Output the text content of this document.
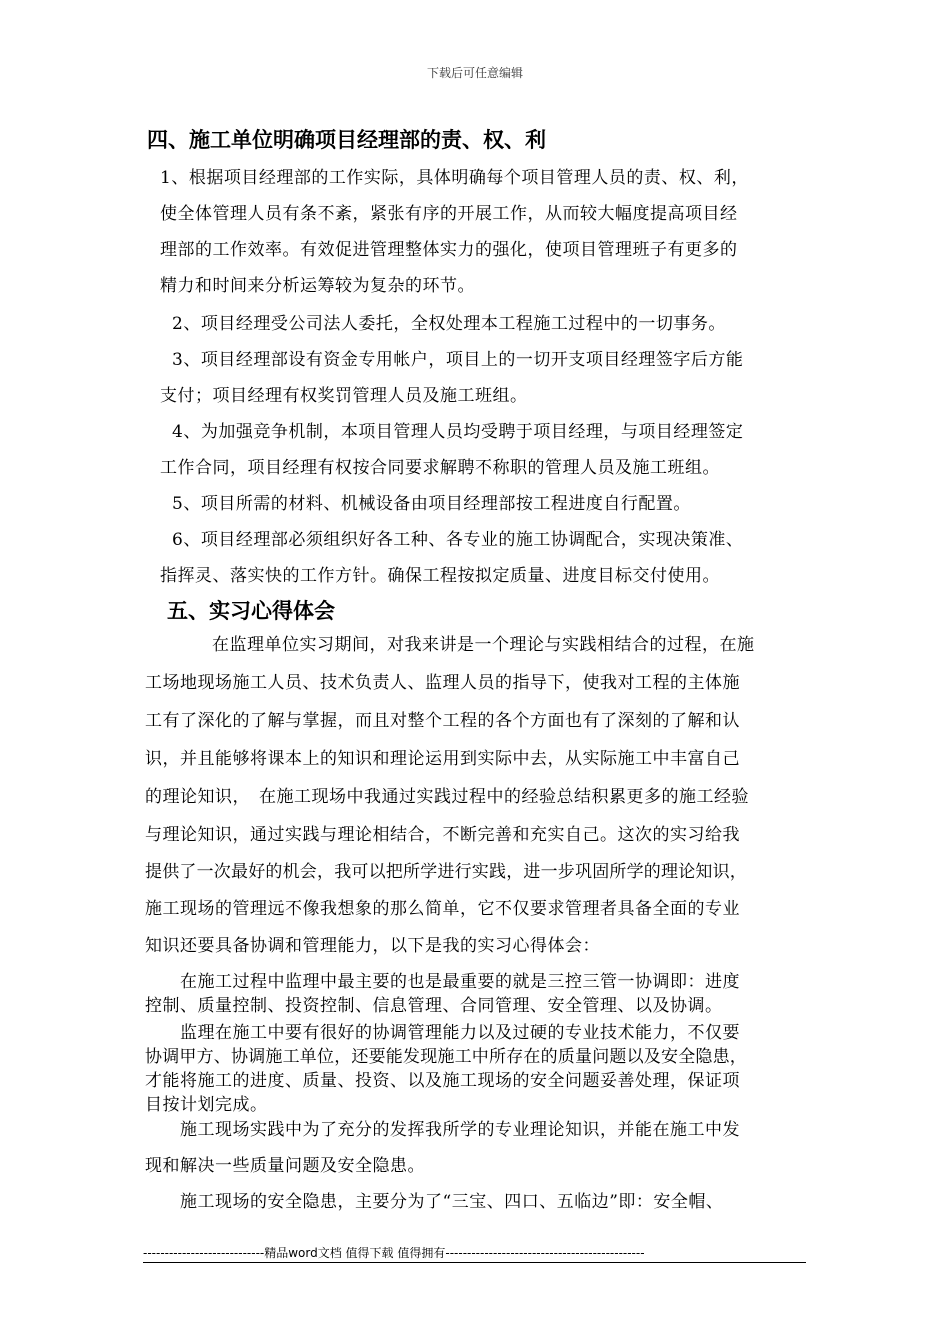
下载后可任意编辑
四、施工单位明确项目经理部的责、权、利
1、根据项目经理部的工作实际，具体明确每个项目管理人员的责、权、利，
使全体管理人员有条不紊，紧张有序的开展工作，从而较大幅度提高项目经
理部的工作效率。有效促进管理整体实力的强化，使项目管理班子有更多的
精力和时间来分析运筹较为复杂的环节。
2、项目经理受公司法人委托，全权处理本工程施工过程中的一切事务。
3、项目经理部设有资金专用帐户，项目上的一切开支项目经理签字后方能
支付；项目经理有权奖罚管理人员及施工班组。
4、为加强竞争机制，本项目管理人员均受聘于项目经理，与项目经理签定
工作合同，项目经理有权按合同要求解聘不称职的管理人员及施工班组。
5、项目所需的材料、机械设备由项目经理部按工程进度自行配置。
6、项目经理部必须组织好各工种、各专业的施工协调配合，实现决策准、
指挥灵、落实快的工作方针。确保工程按拟定质量、进度目标交付使用。
五、实习心得体会
在监理单位实习期间，对我来讲是一个理论与实践相结合的过程，在施
工场地现场施工人员、技术负责人、监理人员的指导下，使我对工程的主体施
工有了深化的了解与掌握，而且对整个工程的各个方面也有了深刻的了解和认
识，并且能够将课本上的知识和理论运用到实际中去，从实际施工中丰富自己
的理论知识，　在施工现场中我通过实践过程中的经验总结积累更多的施工经验
与理论知识，通过实践与理论相结合，不断完善和充实自己。这次的实习给我
提供了一次最好的机会，我可以把所学进行实践，进一步巩固所学的理论知识，
施工现场的管理远不像我想象的那么简单，它不仅要求管理者具备全面的专业
知识还要具备协调和管理能力，以下是我的实习心得体会：
在施工过程中监理中最主要的也是最重要的就是三控三管一协调即：进度
控制、质量控制、投资控制、信息管理、合同管理、安全管理、以及协调。
监理在施工中要有很好的协调管理能力以及过硬的专业技术能力，不仅要
协调甲方、协调施工单位，还要能发现施工中所存在的质量问题以及安全隐患，
才能将施工的进度、质量、投资、以及施工现场的安全问题妥善处理，保证项
目按计划完成。
施工现场实践中为了充分的发挥我所学的专业理论知识，并能在施工中发
现和解决一些质量问题及安全隐患。
施工现场的安全隐患，主要分为了“三宝、四口、五临边”即：安全帽、
----------------------------精品word文档 值得下载 值得拥有----------------------------------------------
